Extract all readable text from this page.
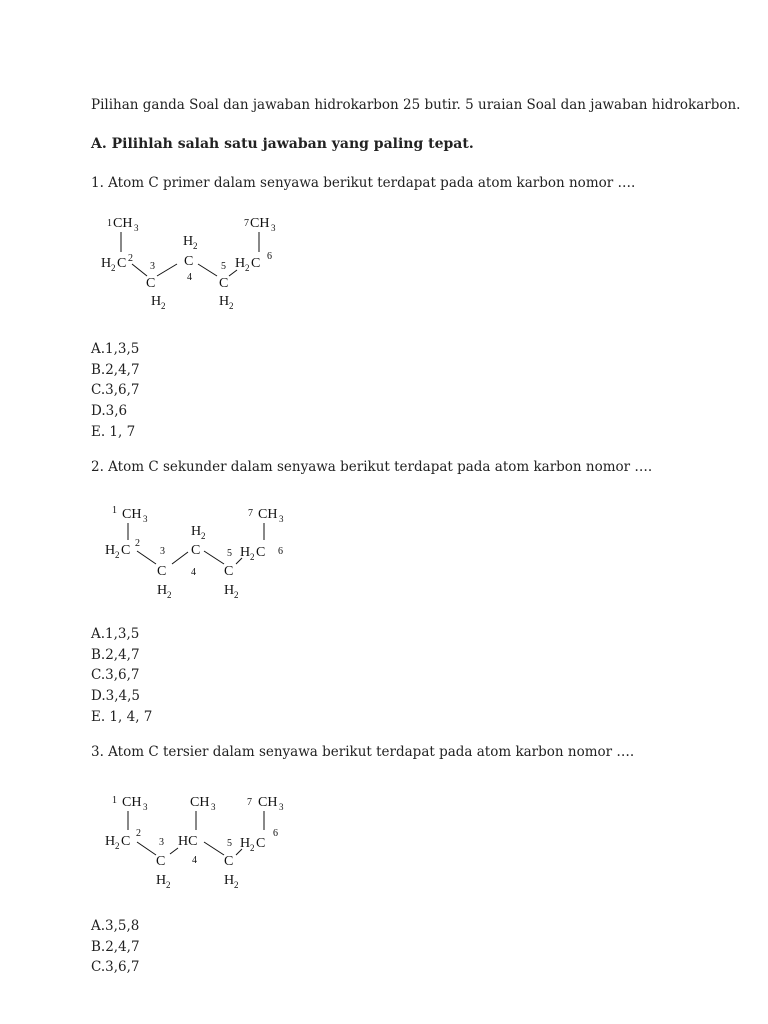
Pilihan ganda Soal dan jawaban hidrokarbon 25 butir. 5 uraian Soal dan jawaban hidrokarbon.
A. Pilihlah salah satu jawaban yang paling tepat.
1. Atom C primer dalam senyawa berikut terdapat pada atom karbon nomor ….
1 CH 3
H 2 C 2
3
C
H 2
H 2
C
4
5
C
H 2
H 2 C 6
7 CH 3
A.1,3,5
B.2,4,7
C.3,6,7
D.3,6
E. 1, 7
2. Atom C sekunder dalam senyawa berikut terdapat pada atom karbon nomor ….
1 CH 3
H 2 C 2
3
C
H 2
H 2
C
4
5
C
H 2
H 2 C 6
7 CH 3
A.1,3,5
B.2,4,7
C.3,6,7
D.3,4,5
E. 1, 4, 7
3. Atom C tersier dalam senyawa berikut terdapat pada atom karbon nomor ….
1 CH 3
H 2 C
2
3
C
H 2
CH 3
HC
4
5
C
H 2
H 2 C
6
7 CH 3
A.3,5,8
B.2,4,7
C.3,6,7
